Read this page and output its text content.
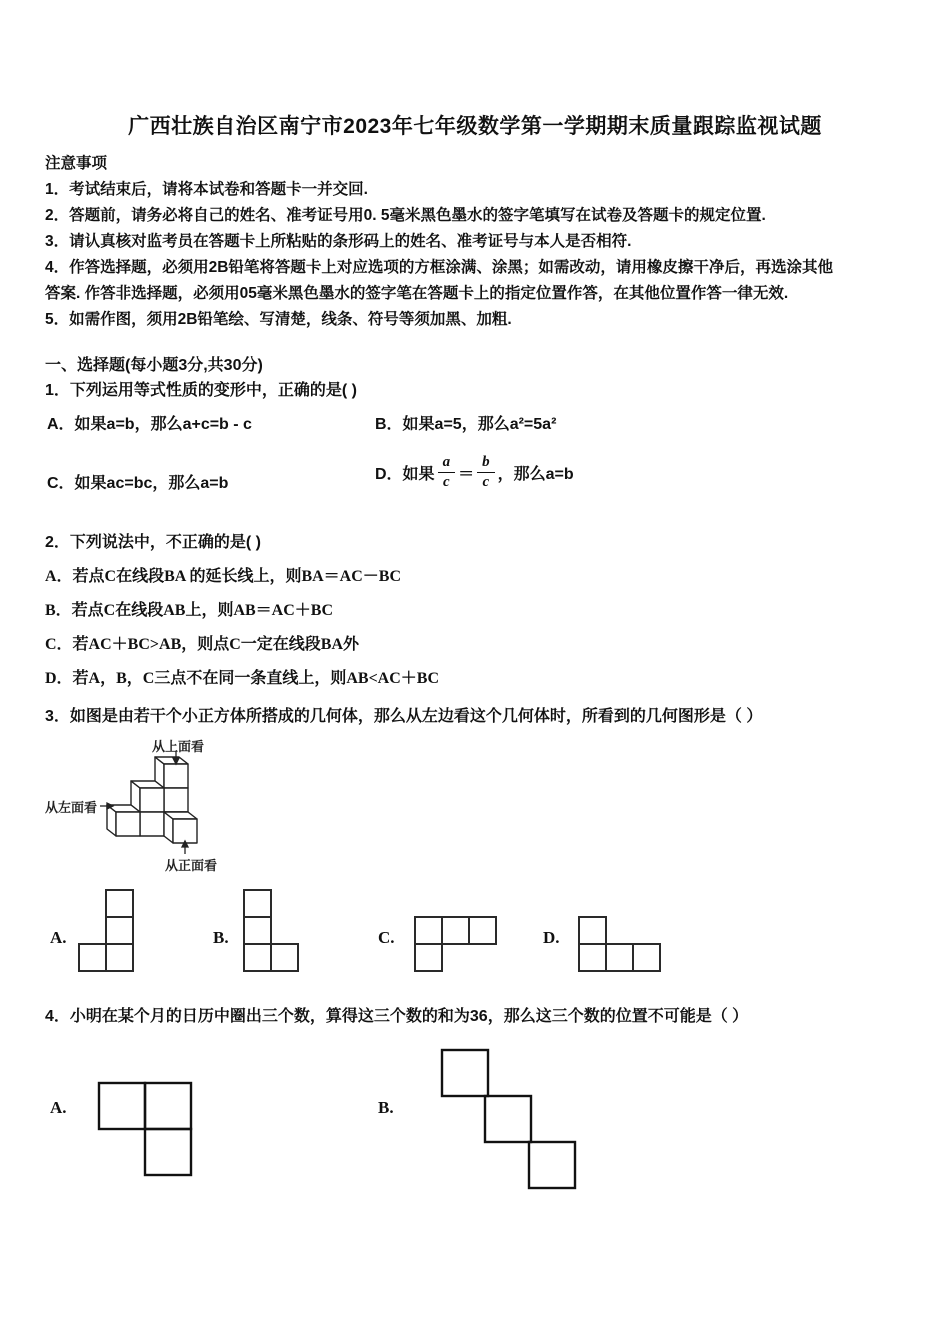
广西壮族自治区南宁市2023年七年级数学第一学期期末质量跟踪监视试题
注意事项
1．考试结束后，请将本试卷和答题卡一并交回.
2．答题前，请务必将自己的姓名、准考证号用0. 5毫米黑色墨水的签字笔填写在试卷及答题卡的规定位置.
3．请认真核对监考员在答题卡上所粘贴的条形码上的姓名、准考证号与本人是否相符.
4．作答选择题，必须用2B铅笔将答题卡上对应选项的方框涂满、涂黑；如需改动，请用橡皮擦干净后，再选涂其他
答案. 作答非选择题，必须用05毫米黑色墨水的签字笔在答题卡上的指定位置作答，在其他位置作答一律无效.
5．如需作图，须用2B铅笔绘、写清楚，线条、符号等须加黑、加粗.
一、选择题(每小题3分,共30分)
1．下列运用等式性质的变形中，正确的是( )
A．如果a=b，那么a+c=b - c	B．如果a=5，那么a²=5a²
C．如果ac=bc，那么a=b
D．如果 $\frac{a}{c} = \frac{b}{c}$ ，那么a=b
2．下列说法中，不正确的是( )
A．若点C在线段BA 的延长线上，则BA＝AC－BC
B．若点C在线段AB上，则AB＝AC＋BC
C．若AC＋BC>AB，则点C一定在线段BA外
D．若A，B，C三点不在同一条直线上，则AB<AC＋BC
3．如图是由若干个小正方体所搭成的几何体，那么从左边看这个几何体时，所看到的几何图形是（ ）
从上面看
从左面看
从正面看
A.	B.	C.	D.
4．小明在某个月的日历中圈出三个数，算得这三个数的和为36，那么这三个数的位置不可能是（ ）
A.	B.
